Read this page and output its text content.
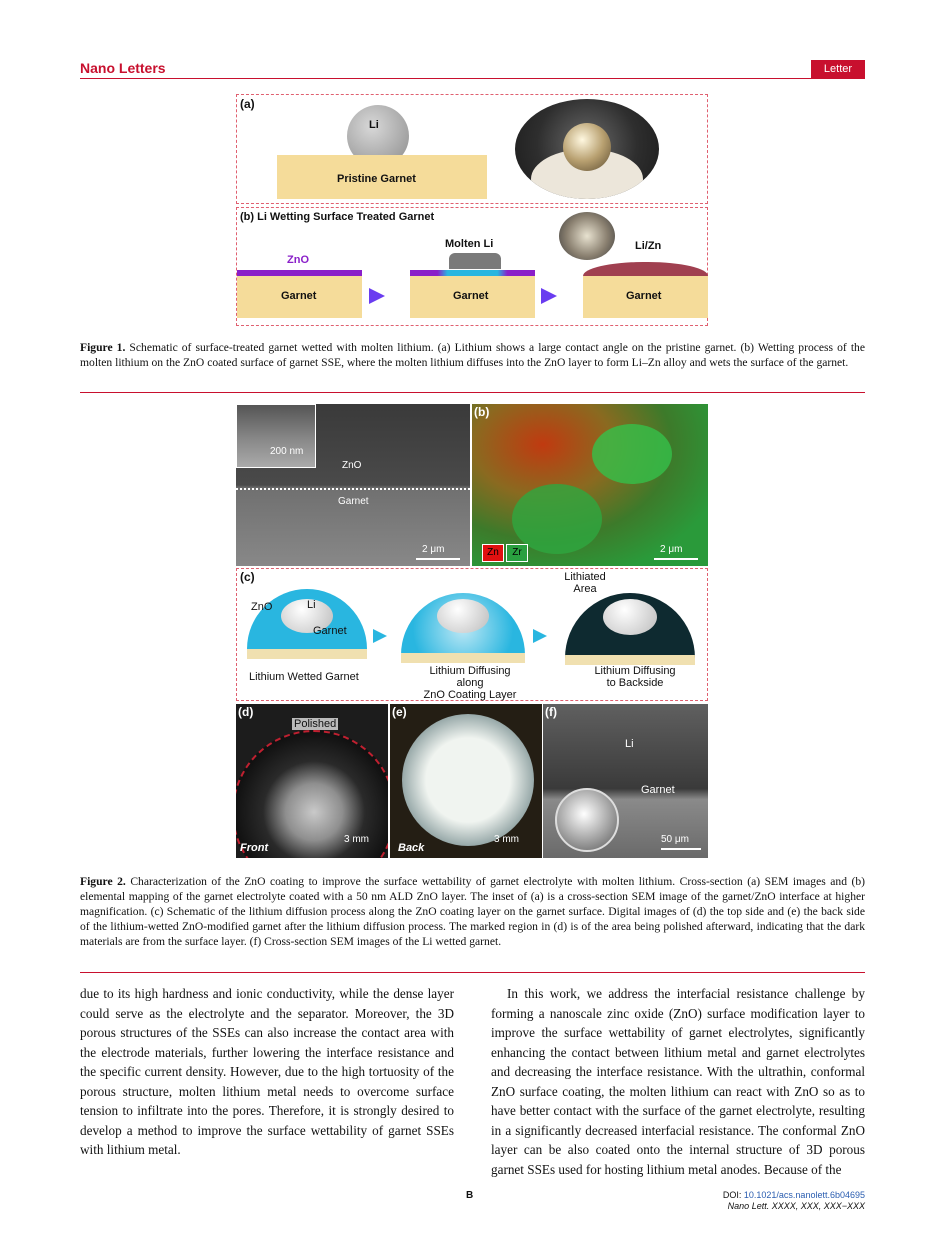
Nano Letters	Letter
(a)
Li
Pristine Garnet
(b) Li Wetting Surface Treated Garnet
ZnO
Garnet
Molten Li
Garnet
Li/Zn
Garnet
Figure 1. Schematic of surface-treated garnet wetted with molten lithium. (a) Lithium shows a large contact angle on the pristine garnet. (b) Wetting process of the molten lithium on the ZnO coated surface of garnet SSE, where the molten lithium diffuses into the ZnO layer to form Li–Zn alloy and wets the surface of the garnet.
200 nm
ZnO
Garnet
2 μm
(b)
Zn	Zr	2 μm
(c)
ZnO	Li
Garnet
Lithium Wetted Garnet	Lithium Diffusing along
ZnO Coating Layer
Lithiated
Area
Lithium Diffusing
to Backside
(d)
Polished
3 mm
Front
(e)
3 mm
Back
(f)
Li
Garnet
50 μm
Figure 2. Characterization of the ZnO coating to improve the surface wettability of garnet electrolyte with molten lithium. Cross-section (a) SEM images and (b) elemental mapping of the garnet electrolyte coated with a 50 nm ALD ZnO layer. The inset of (a) is a cross-section SEM image of the garnet/ZnO interface at higher magnification. (c) Schematic of the lithium diffusion process along the ZnO coating layer on the garnet surface. Digital images of (d) the top side and (e) the back side of the lithium-wetted ZnO-modified garnet after the lithium diffusion process. The marked region in (d) is of the area being polished afterward, indicating that the dark materials are from the surface layer. (f) Cross-section SEM images of the Li wetted garnet.
due to its high hardness and ionic conductivity, while the dense layer could serve as the electrolyte and the separator. Moreover, the 3D porous structures of the SSEs can also increase the contact area with the electrode materials, further lowering the interface resistance and the specific current density. However, due to the high tortuosity of the porous structure, molten lithium metal needs to overcome surface tension to infiltrate into the pores. Therefore, it is strongly desired to develop a method to improve the surface wettability of garnet SSEs with lithium metal.
In this work, we address the interfacial resistance challenge by forming a nanoscale zinc oxide (ZnO) surface modification layer to improve the surface wettability of garnet electrolytes, significantly enhancing the contact between lithium metal and garnet electrolytes and decreasing the interface resistance. With the ultrathin, conformal ZnO surface coating, the molten lithium can react with ZnO so as to have better contact with the surface of the garnet electrolyte, resulting in a significantly decreased interfacial resistance. The conformal ZnO layer can be also coated onto the internal structure of 3D porous garnet SSEs used for hosting lithium metal anodes. Because of the
B	DOI: 10.1021/acs.nanolett.6b04695
Nano Lett. XXXX, XXX, XXX−XXX
